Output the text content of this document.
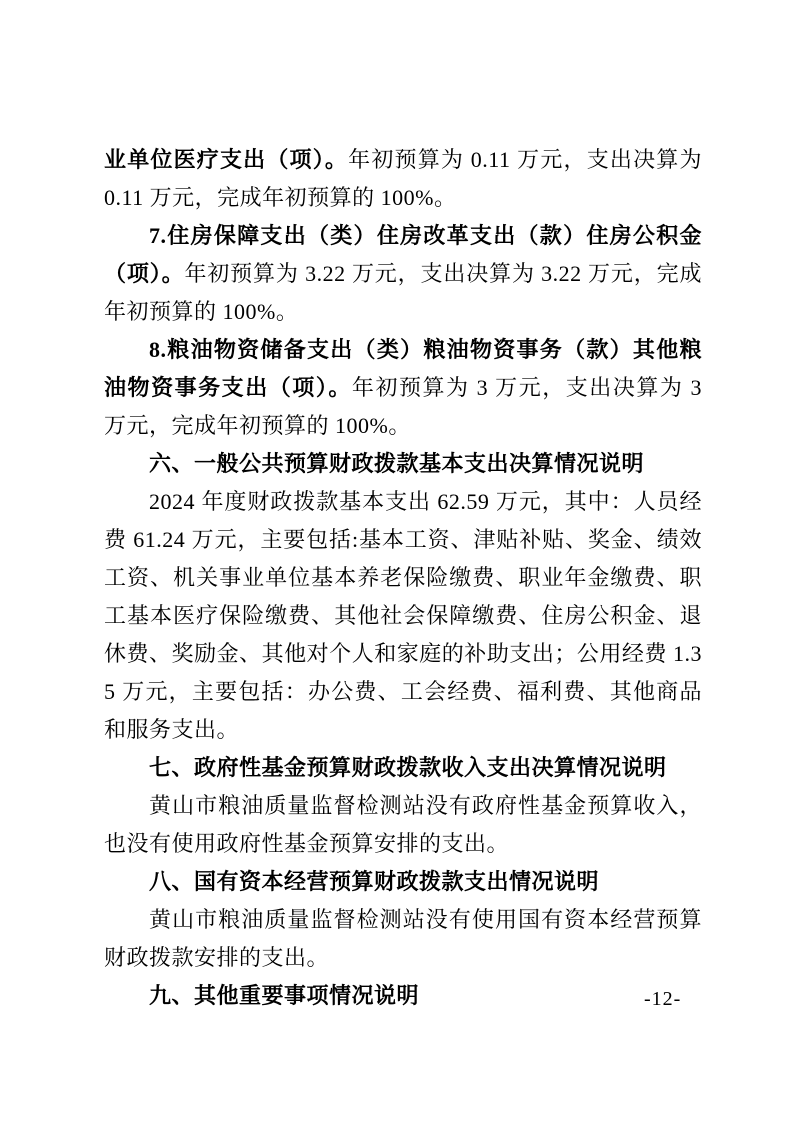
业单位医疗支出（项）。年初预算为 0.11 万元，支出决算为 0.11 万元，完成年初预算的 100%。

7.住房保障支出（类）住房改革支出（款）住房公积金（项）。年初预算为 3.22 万元，支出决算为 3.22 万元，完成年初预算的 100%。

8.粮油物资储备支出（类）粮油物资事务（款）其他粮油物资事务支出（项）。年初预算为 3 万元，支出决算为 3 万元，完成年初预算的 100%。

六、一般公共预算财政拨款基本支出决算情况说明

2024 年度财政拨款基本支出 62.59 万元，其中：人员经费 61.24 万元，主要包括:基本工资、津贴补贴、奖金、绩效工资、机关事业单位基本养老保险缴费、职业年金缴费、职工基本医疗保险缴费、其他社会保障缴费、住房公积金、退休费、奖励金、其他对个人和家庭的补助支出；公用经费 1.35 万元，主要包括：办公费、工会经费、福利费、其他商品和服务支出。

七、政府性基金预算财政拨款收入支出决算情况说明

黄山市粮油质量监督检测站没有政府性基金预算收入，也没有使用政府性基金预算安排的支出。

八、国有资本经营预算财政拨款支出情况说明

黄山市粮油质量监督检测站没有使用国有资本经营预算财政拨款安排的支出。

九、其他重要事项情况说明	-12-
